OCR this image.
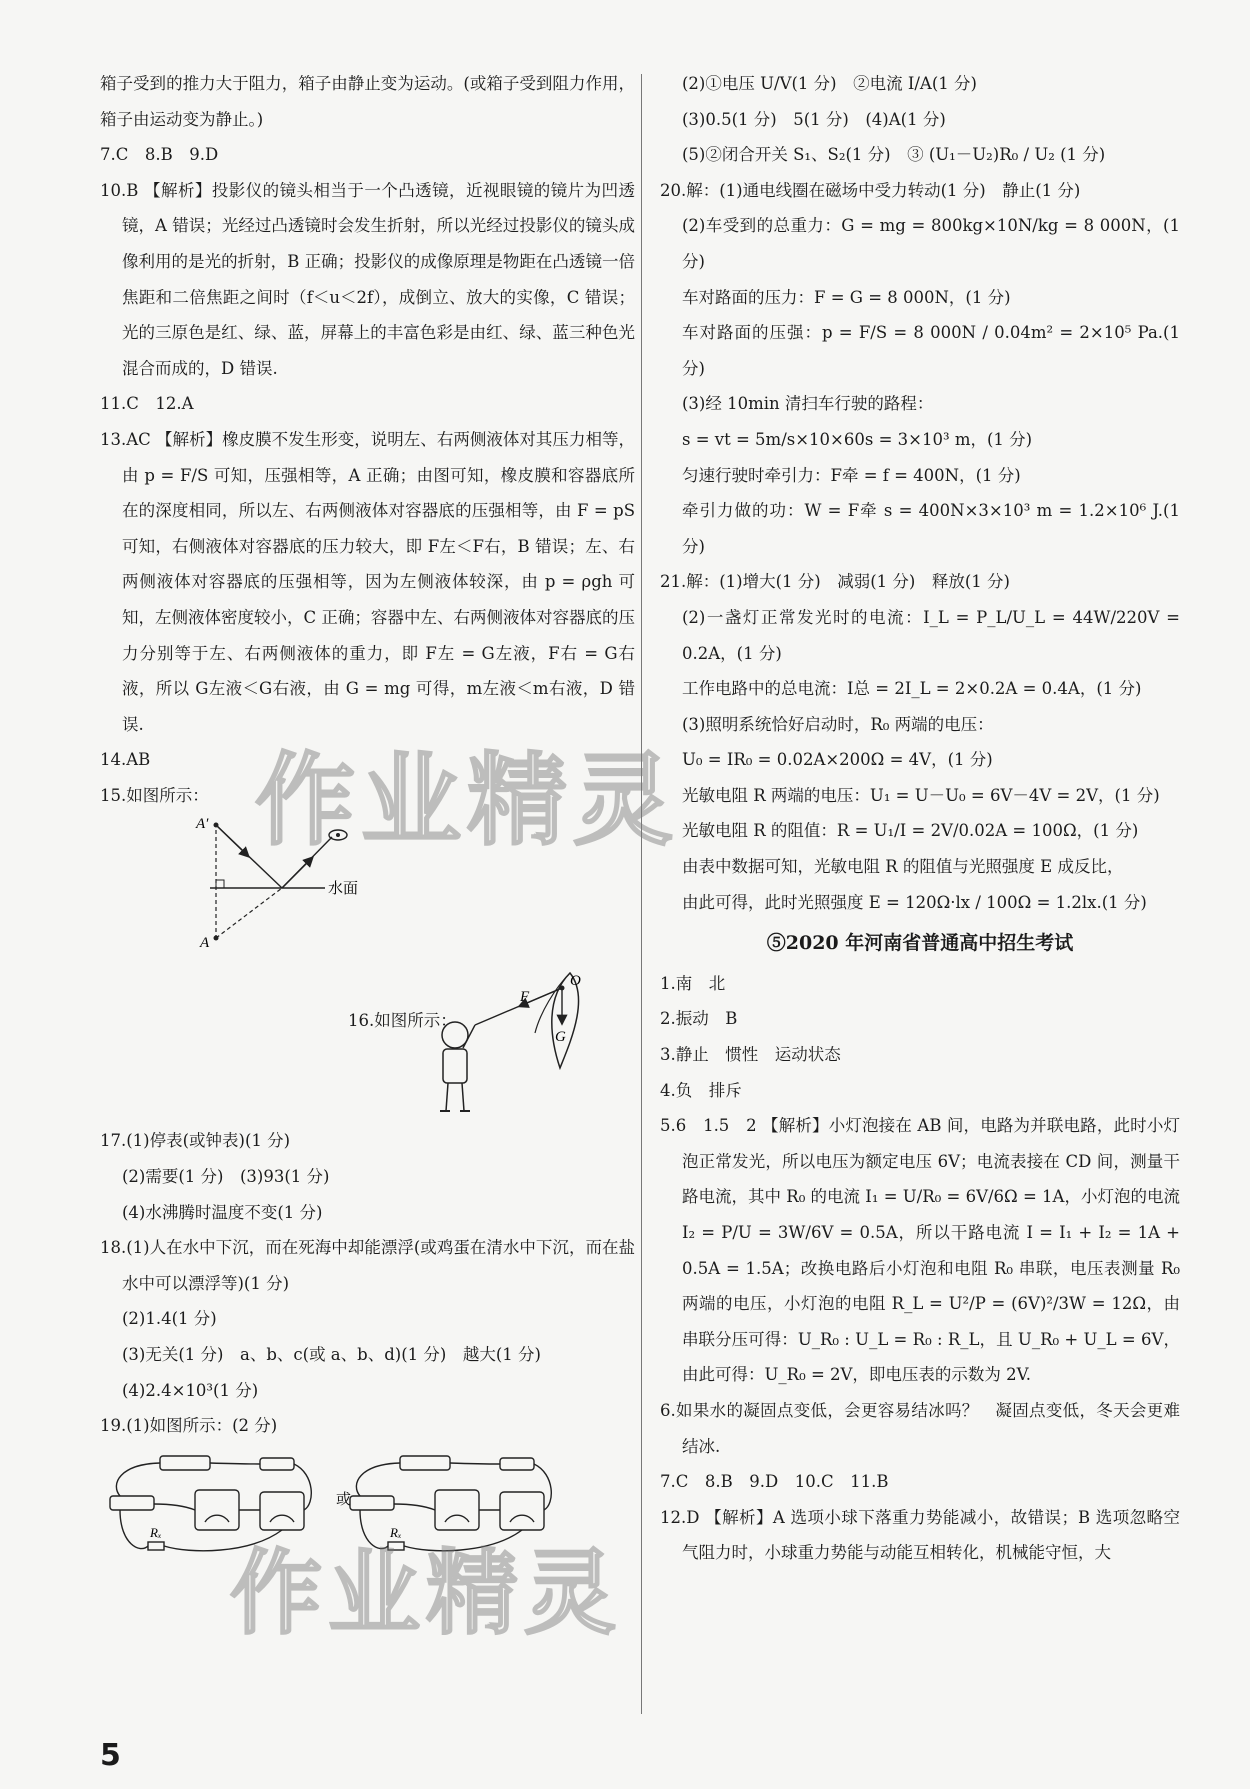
箱子受到的推力大于阻力，箱子由静止变为运动。(或箱子受到阻力作用，箱子由运动变为静止。)

7.C　8.B　9.D

10.B 【解析】投影仪的镜头相当于一个凸透镜，近视眼镜的镜片为凹透镜，A 错误；光经过凸透镜时会发生折射，所以光经过投影仪的镜头成像利用的是光的折射，B 正确；投影仪的成像原理是物距在凸透镜一倍焦距和二倍焦距之间时（f＜u＜2f），成倒立、放大的实像，C 错误；光的三原色是红、绿、蓝，屏幕上的丰富色彩是由红、绿、蓝三种色光混合而成的，D 错误.

11.C　12.A

13.AC 【解析】橡皮膜不发生形变，说明左、右两侧液体对其压力相等，由 p = F/S 可知，压强相等，A 正确；由图可知，橡皮膜和容器底所在的深度相同，所以左、右两侧液体对容器底的压强相等，由 F = pS 可知，右侧液体对容器底的压力较大，即 F左＜F右，B 错误；左、右两侧液体对容器底的压强相等，因为左侧液体较深，由 p = ρgh 可知，左侧液体密度较小，C 正确；容器中左、右两侧液体对容器底的压力分别等于左、右两侧液体的重力，即 F左 = G左液，F右 = G右液，所以 G左液＜G右液，由 G = mg 可得，m左液＜m右液，D 错误.

14.AB

15.如图所示：

水面
A′
A
16.如图所示：
O
F
G

17.(1)停表(或钟表)(1 分)

(2)需要(1 分)　(3)93(1 分)

(4)水沸腾时温度不变(1 分)

18.(1)人在水中下沉，而在死海中却能漂浮(或鸡蛋在清水中下沉，而在盐水中可以漂浮等)(1 分)

(2)1.4(1 分)

(3)无关(1 分)　a、b、c(或 a、b、d)(1 分)　越大(1 分)

(4)2.4×10³(1 分)

19.(1)如图所示：(2 分)

Rₓ
或
Rₓ

(2)①电压 U/V(1 分)　②电流 I/A(1 分)

(3)0.5(1 分)　5(1 分)　(4)A(1 分)

(5)②闭合开关 S₁、S₂(1 分)　③ (U₁－U₂)R₀ / U₂ (1 分)

20.解：(1)通电线圈在磁场中受力转动(1 分)　静止(1 分)

(2)车受到的总重力：G = mg = 800kg×10N/kg = 8 000N，(1 分)

车对路面的压力：F = G = 8 000N，(1 分)

车对路面的压强：p = F/S = 8 000N / 0.04m² = 2×10⁵ Pa.(1 分)

(3)经 10min 清扫车行驶的路程：

s = vt = 5m/s×10×60s = 3×10³ m，(1 分)

匀速行驶时牵引力：F牵 = f = 400N，(1 分)

牵引力做的功：W = F牵 s = 400N×3×10³ m = 1.2×10⁶ J.(1 分)

21.解：(1)增大(1 分)　减弱(1 分)　释放(1 分)

(2)一盏灯正常发光时的电流：I_L = P_L/U_L = 44W/220V = 0.2A，(1 分)

工作电路中的总电流：I总 = 2I_L = 2×0.2A = 0.4A，(1 分)

(3)照明系统恰好启动时，R₀ 两端的电压：

U₀ = IR₀ = 0.02A×200Ω = 4V，(1 分)

光敏电阻 R 两端的电压：U₁ = U－U₀ = 6V－4V = 2V，(1 分)

光敏电阻 R 的阻值：R = U₁/I = 2V/0.02A = 100Ω，(1 分)

由表中数据可知，光敏电阻 R 的阻值与光照强度 E 成反比，

由此可得，此时光照强度 E = 120Ω·lx / 100Ω = 1.2lx.(1 分)

⑤2020 年河南省普通高中招生考试

1.南　北

2.振动　B

3.静止　惯性　运动状态

4.负　排斥

5.6　1.5　2 【解析】小灯泡接在 AB 间，电路为并联电路，此时小灯泡正常发光，所以电压为额定电压 6V；电流表接在 CD 间，测量干路电流，其中 R₀ 的电流 I₁ = U/R₀ = 6V/6Ω = 1A，小灯泡的电流 I₂ = P/U = 3W/6V = 0.5A，所以干路电流 I = I₁ + I₂ = 1A + 0.5A = 1.5A；改换电路后小灯泡和电阻 R₀ 串联，电压表测量 R₀ 两端的电压，小灯泡的电阻 R_L = U²/P = (6V)²/3W = 12Ω，由串联分压可得：U_R₀ : U_L = R₀ : R_L，且 U_R₀ + U_L = 6V，由此可得：U_R₀ = 2V，即电压表的示数为 2V.

6.如果水的凝固点变低，会更容易结冰吗？　凝固点变低，冬天会更难结冰.

7.C　8.B　9.D　10.C　11.B

12.D 【解析】A 选项小球下落重力势能减小，故错误；B 选项忽略空气阻力时，小球重力势能与动能互相转化，机械能守恒，大

5
作业精灵
作业精灵
